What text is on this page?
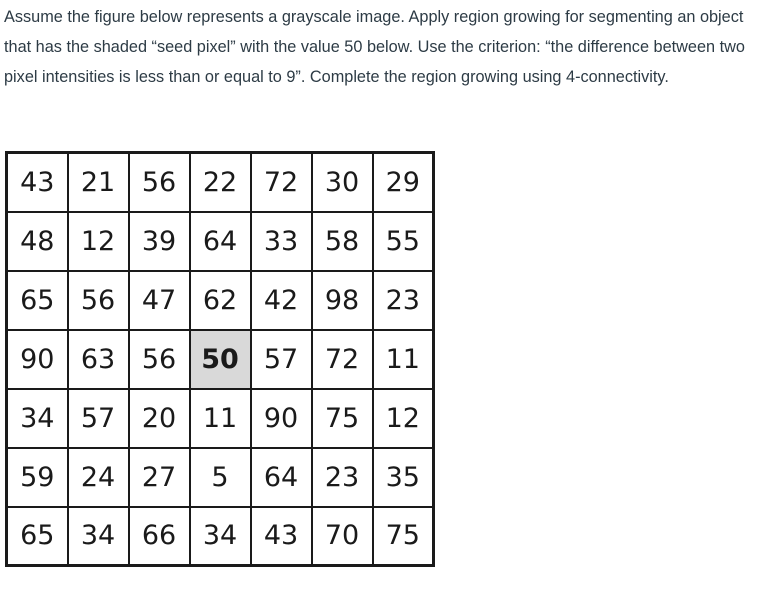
Assume the figure below represents a grayscale image. Apply region growing for segmenting an object that has the shaded “seed pixel” with the value 50 below. Use the criterion: “the difference between two pixel intensities is less than or equal to 9”. Complete the region growing using 4-connectivity.

43	21	56	22	72	30	29
48	12	39	64	33	58	55
65	56	47	62	42	98	23
90	63	56	50	57	72	11
34	57	20	11	90	75	12
59	24	27	5	64	23	35
65	34	66	34	43	70	75
